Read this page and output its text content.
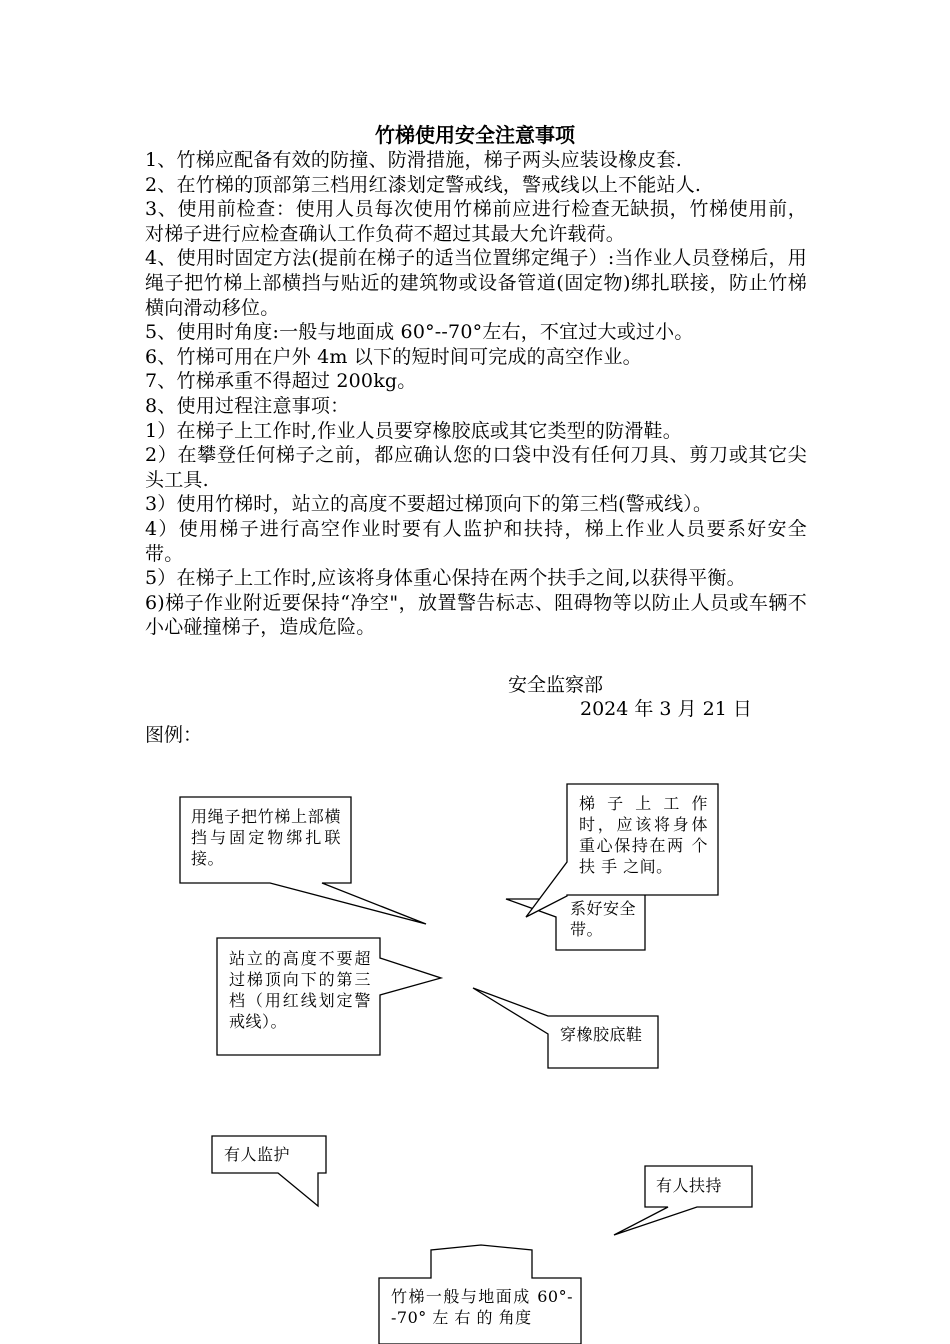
竹梯使用安全注意事项

1、竹梯应配备有效的防撞、防滑措施，梯子两头应装设橡皮套.

2、在竹梯的顶部第三档用红漆划定警戒线，警戒线以上不能站人.

3、使用前检查：使用人员每次使用竹梯前应进行检查无缺损，竹梯使用前，对梯子进行应检查确认工作负荷不超过其最大允许载荷。

4、使用时固定方法(提前在梯子的适当位置绑定绳子）:当作业人员登梯后，用绳子把竹梯上部横挡与贴近的建筑物或设备管道(固定物)绑扎联接，防止竹梯横向滑动移位。

5、使用时角度:一般与地面成 60°--70°左右，不宜过大或过小。

6、竹梯可用在户外 4m 以下的短时间可完成的高空作业。

7、竹梯承重不得超过 200kg。

8、使用过程注意事项：

1）在梯子上工作时,作业人员要穿橡胶底或其它类型的防滑鞋。

2）在攀登任何梯子之前，都应确认您的口袋中没有任何刀具、剪刀或其它尖头工具.

3）使用竹梯时，站立的高度不要超过梯顶向下的第三档(警戒线）。

4）使用梯子进行高空作业时要有人监护和扶持，梯上作业人员要系好安全带。

5）在梯子上工作时,应该将身体重心保持在两个扶手之间,以获得平衡。

6)梯子作业附近要保持“净空"，放置警告标志、阻碍物等以防止人员或车辆不小心碰撞梯子，造成危险。

安全监察部
2024 年 3 月 21 日
图例：
用绳子把竹梯上部横挡与固定物绑扎联接。
梯 子 上 工 作时，应该将身体重心保持在两 个 扶 手 之间。
系好安全带。
站立的高度不要超过梯顶向下的第三档（用红线划定警戒线）。
穿橡胶底鞋
有人监护
有人扶持
竹梯一般与地面成 60°--70° 左 右 的 角度
